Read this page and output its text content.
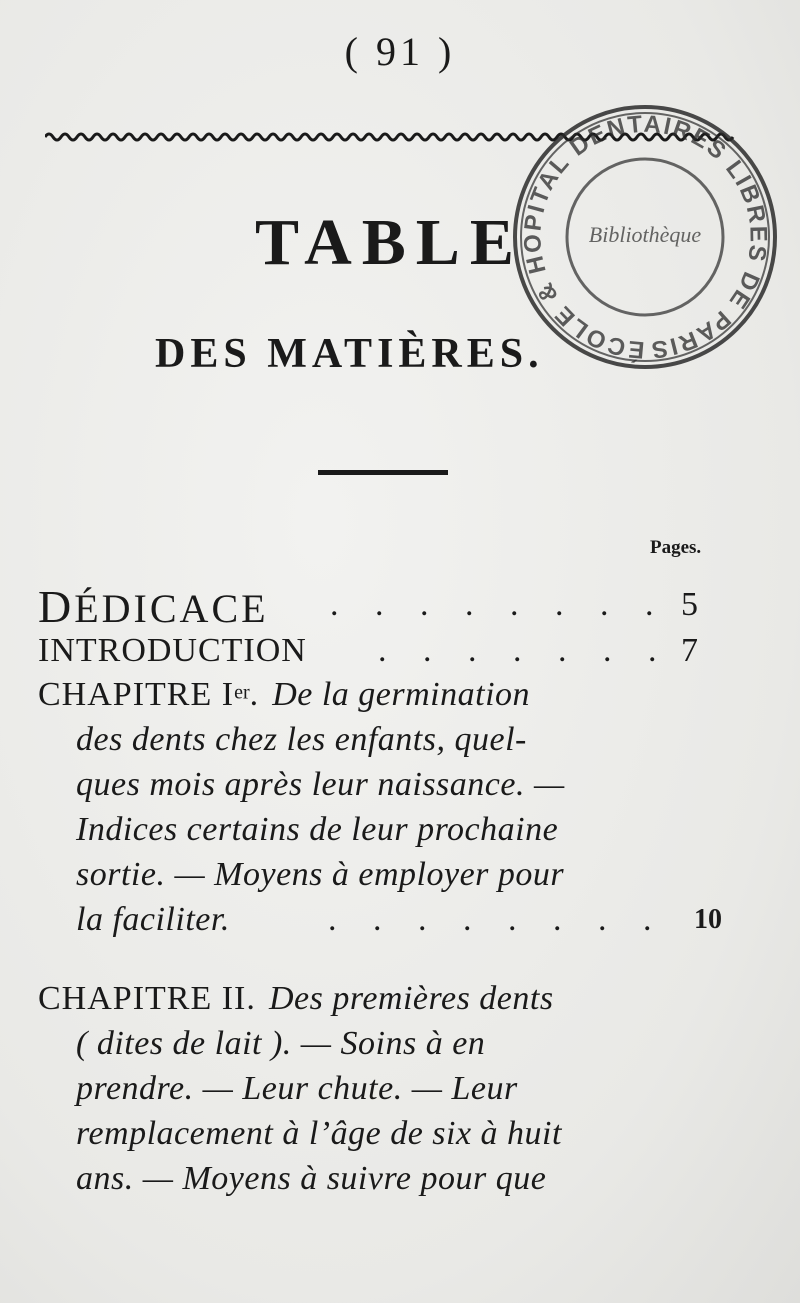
( 91 )
TABLE
DES MATIÈRES.
Pages.
DÉDICACE . . . . . . . . 5
INTRODUCTION . . . . . . . 7
CHAPITRE Ier. De la germination
des dents chez les enfants, quel-
ques mois après leur naissance. —
Indices certains de leur prochaine
sortie. — Moyens à employer pour
la faciliter.	. . . . . . . . 10
CHAPITRE II. Des premières dents
( dites de lait ). — Soins à en
prendre. — Leur chute. — Leur
remplacement à l’âge de six à huit
ans. — Moyens à suivre pour que
ÉCOLE & HOPITAL DENTAIRES LIBRES DE PARIS
Bibliothèque
